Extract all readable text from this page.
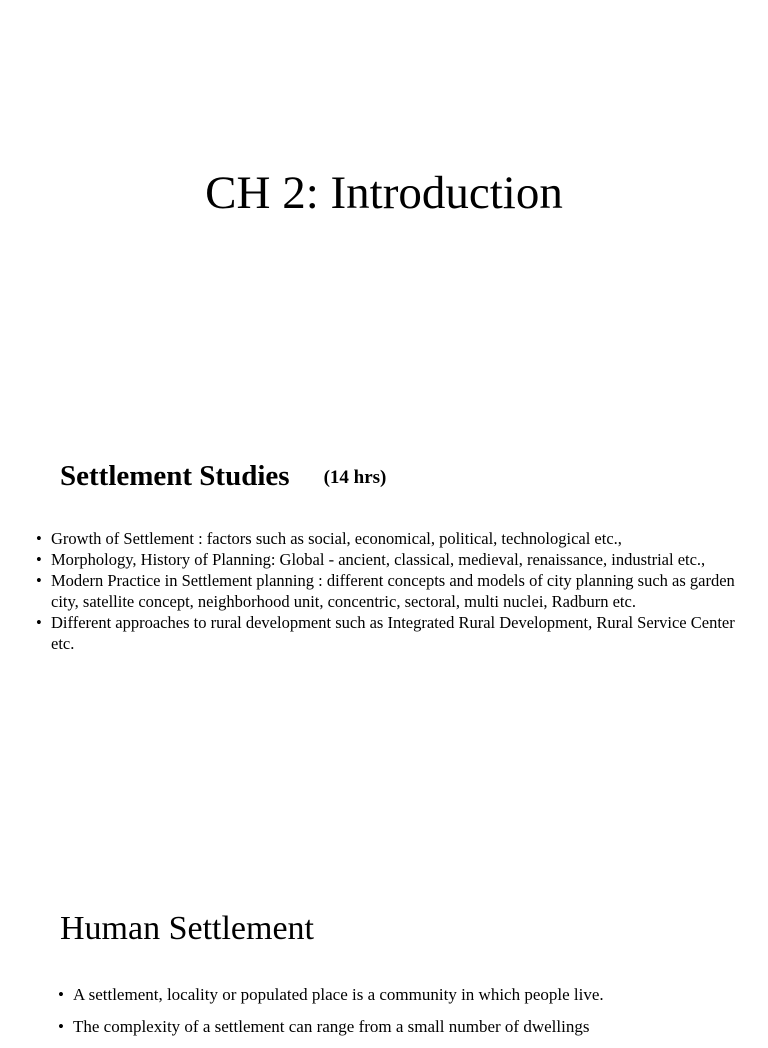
CH 2: Introduction
Settlement Studies (14 hrs)
• Growth of Settlement : factors such as social, economical, political, technological etc.,
• Morphology, History of Planning: Global - ancient, classical, medieval, renaissance, industrial etc.,
• Modern Practice in Settlement planning : different concepts and models of city planning such as garden city, satellite concept, neighborhood unit, concentric, sectoral, multi nuclei, Radburn etc.
• Different approaches to rural development such as Integrated Rural Development, Rural Service Center etc.
Human Settlement
• A settlement, locality or populated place is a community in which people live.
• The complexity of a settlement can range from a small number of dwellings
